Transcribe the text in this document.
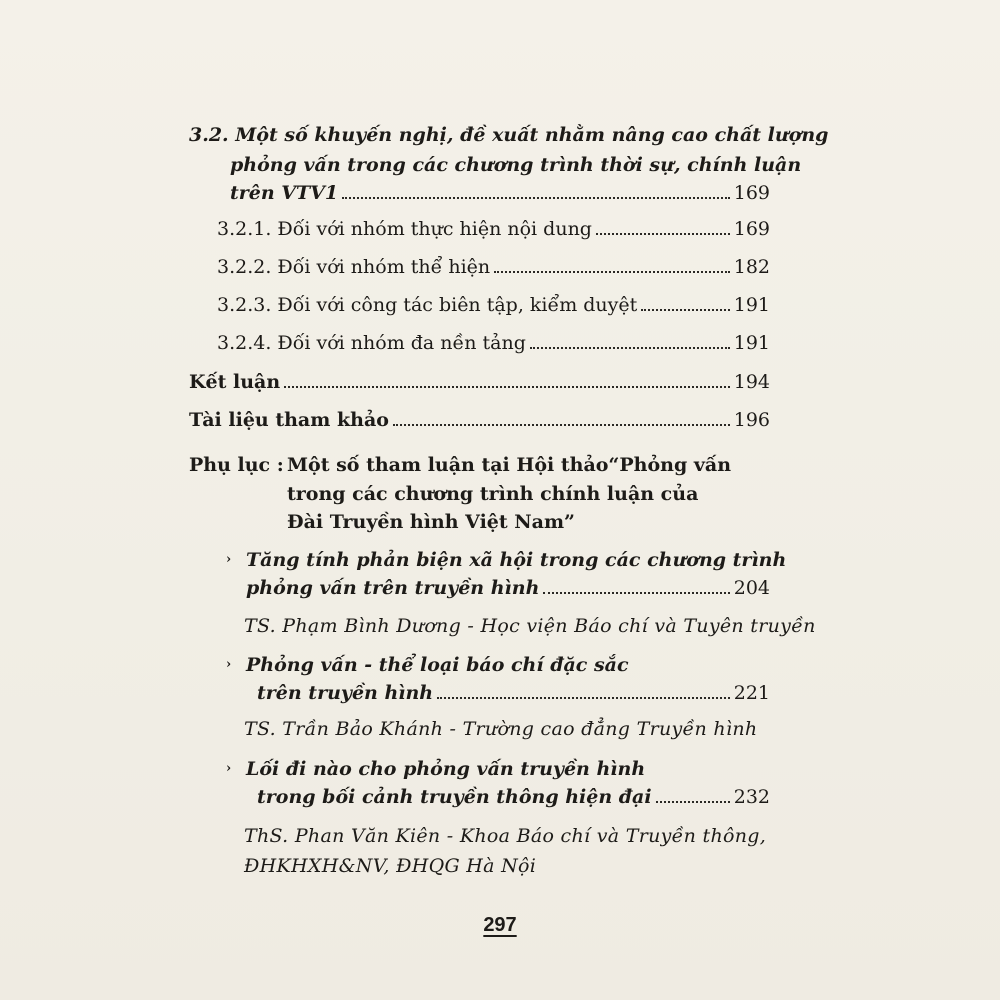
3.2. Một số khuyến nghị, đề xuất nhằm nâng cao chất lượng
phỏng vấn trong các chương trình thời sự, chính luận
trên VTV1	169
3.2.1. Đối với nhóm thực hiện nội dung	169
3.2.2. Đối với nhóm thể hiện	182
3.2.3. Đối với công tác biên tập, kiểm duyệt	191
3.2.4. Đối với nhóm đa nền tảng	191
Kết luận	194
Tài liệu tham khảo	196
Phụ lục : Một số tham luận tại Hội thảo“Phỏng vấn
trong các chương trình chính luận của
Đài Truyền hình Việt Nam”
› Tăng tính phản biện xã hội trong các chương trình
phỏng vấn trên truyền hình	204
TS. Phạm Bình Dương - Học viện Báo chí và Tuyên truyền
› Phỏng vấn - thể loại báo chí đặc sắc
trên truyền hình	221
TS. Trần Bảo Khánh - Trường cao đẳng Truyền hình
› Lối đi nào cho phỏng vấn truyền hình
trong bối cảnh truyền thông hiện đại	232
ThS. Phan Văn Kiên - Khoa Báo chí và Truyền thông,
ĐHKHXH&NV, ĐHQG Hà Nội
297
